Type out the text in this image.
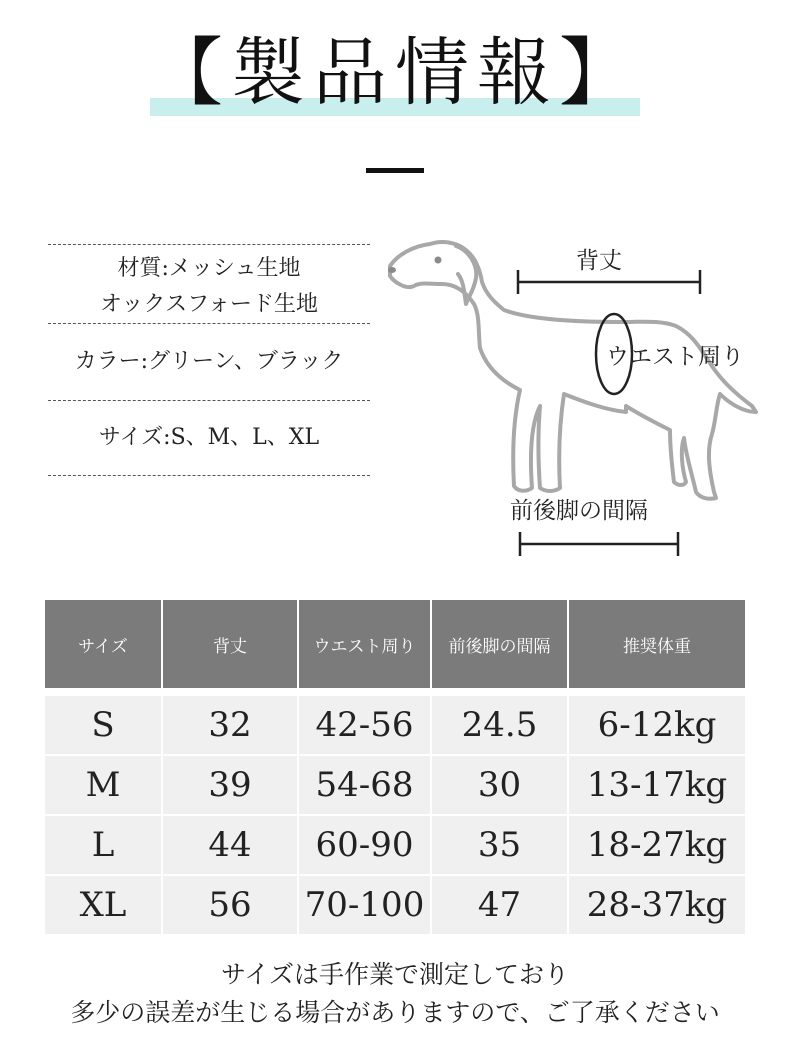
【製品情報】
材質:メッシュ生地
オックスフォード生地
カラー:グリーン、ブラック
サイズ:S、M、L、XL
背丈
ウエスト周り
前後脚の間隔
サイズ	背丈	ウエスト周り	前後脚の間隔	推奨体重
S	32	42-56	24.5	6-12kg
M	39	54-68	30	13-17kg
L	44	60-90	35	18-27kg
XL	56	70-100	47	28-37kg
サイズは手作業で測定しており
多少の誤差が生じる場合がありますので、ご了承ください
